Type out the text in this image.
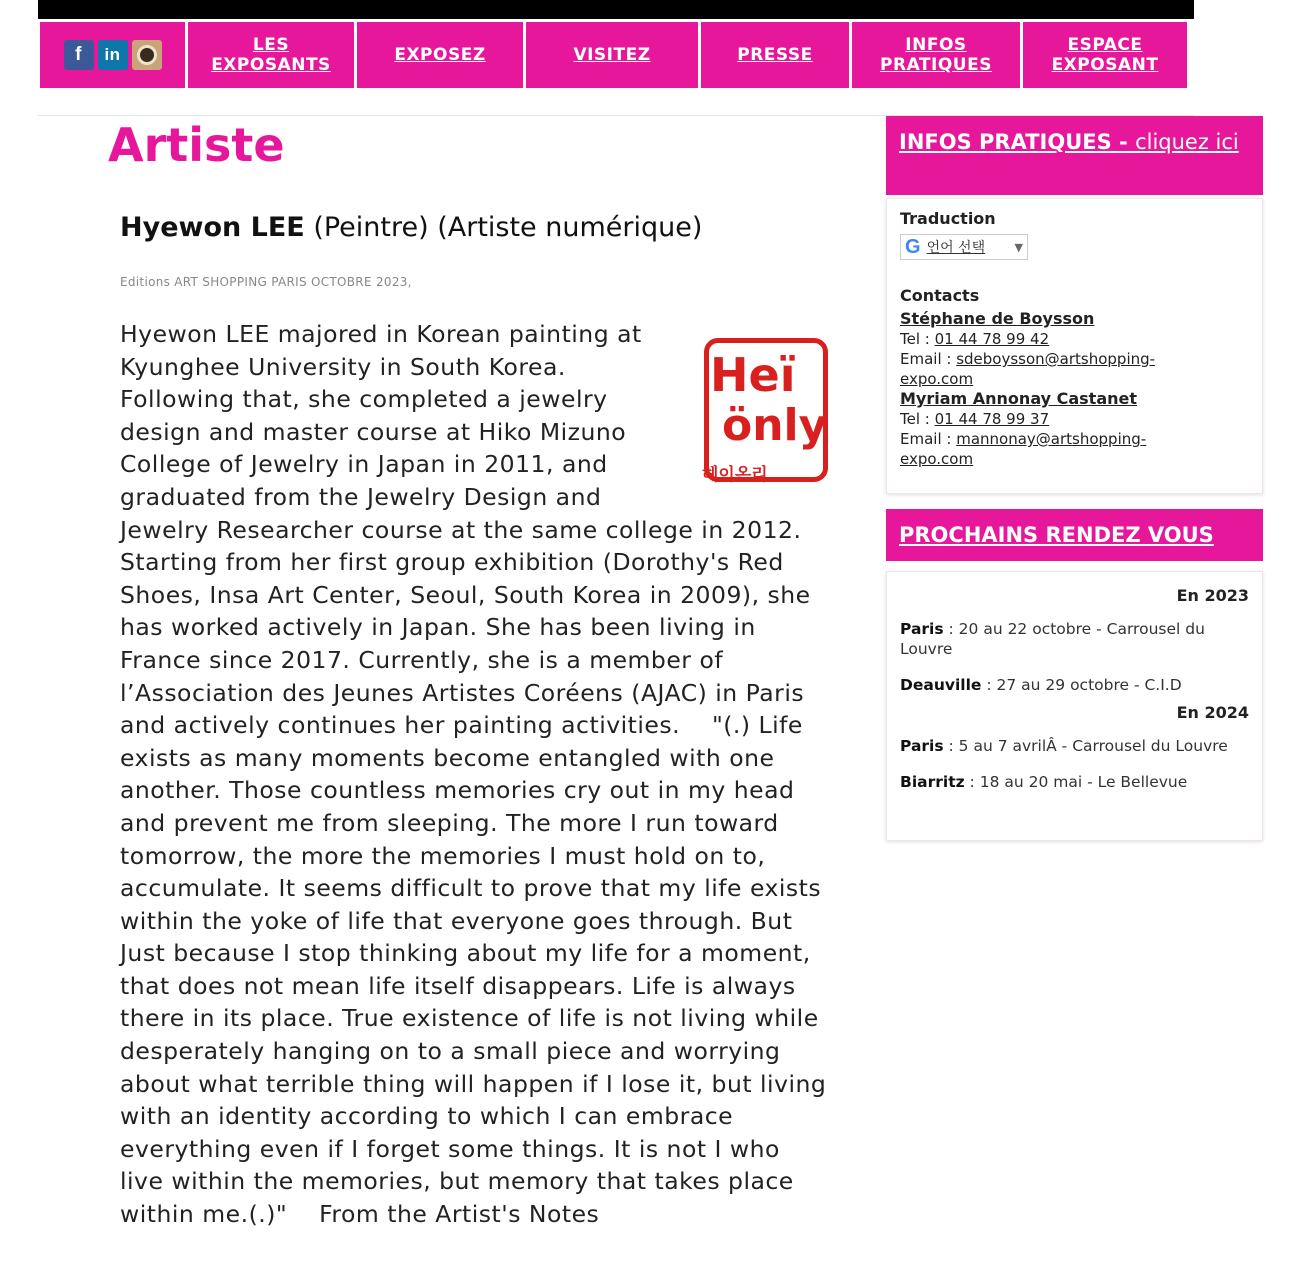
f	in	LES
EXPOSANTS	EXPOSEZ	VISITEZ	PRESSE	INFOS
PRATIQUES
ESPACE
EXPOSANT
Artiste
Hyewon LEE (Peintre) (Artiste numérique)
Editions ART SHOPPING PARIS OCTOBRE 2023,
Heï
önly
헤이온리

Hyewon LEE majored in Korean painting at
Kyunghee University in South Korea.
Following that, she completed a jewelry
design and master course at Hiko Mizuno
College of Jewelry in Japan in 2011, and
graduated from the Jewelry Design and
Jewelry Researcher course at the same college in 2012.
Starting from her first group exhibition (Dorothy's Red
Shoes, Insa Art Center, Seoul, South Korea in 2009), she
has worked actively in Japan. She has been living in
France since 2017. Currently, she is a member of
l’Association des Jeunes Artistes Coréens (AJAC) in Paris
and actively continues her painting activities.    "(.) Life
exists as many moments become entangled with one
another. Those countless memories cry out in my head
and prevent me from sleeping. The more I run toward
tomorrow, the more the memories I must hold on to,
accumulate. It seems difficult to prove that my life exists
within the yoke of life that everyone goes through. But
Just because I stop thinking about my life for a moment,
that does not mean life itself disappears. Life is always
there in its place. True existence of life is not living while
desperately hanging on to a small piece and worrying
about what terrible thing will happen if I lose it, but living
with an identity according to which I can embrace
everything even if I forget some things. It is not I who
live within the memories, but memory that takes place
within me.(.)"    From the Artist's Notes

INFOS PRATIQUES - cliquez ici
Traduction
G 언어 선택	▼
Contacts
Stéphane de Boysson
Tel : 01 44 78 99 42
Email : sdeboysson@artshopping-
expo.com
Myriam Annonay Castanet
Tel : 01 44 78 99 37
Email : mannonay@artshopping-
expo.com
PROCHAINS RENDEZ VOUS
En 2023
Paris : 20 au 22 octobre - Carrousel du Louvre
Deauville : 27 au 29 octobre - C.I.D
En 2024
Paris : 5 au 7 avrilÂ - Carrousel du Louvre
Biarritz : 18 au 20 mai - Le Bellevue
